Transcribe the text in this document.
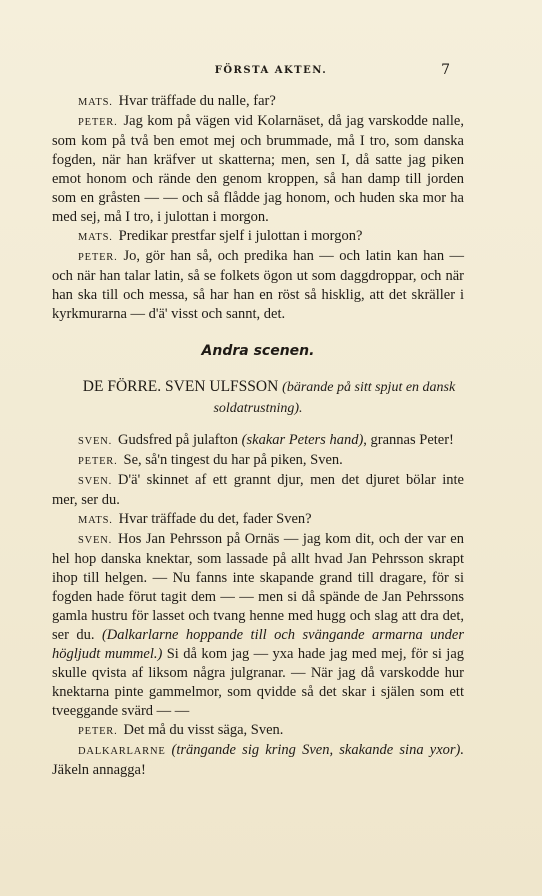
FÖRSTA AKTEN.	7

MATS. Hvar träffade du nalle, far?

PETER. Jag kom på vägen vid Kolarnäset, då jag varskodde nalle, som kom på två ben emot mej och brummade, må I tro, som danska fogden, när han kräfver ut skatterna; men, sen I, då satte jag piken emot honom och rände den genom kroppen, så han damp till jorden som en gråsten — — och så flådde jag honom, och huden ska mor ha med sej, må I tro, i julottan i morgon.

MATS. Predikar prestfar sjelf i julottan i morgon?

PETER. Jo, gör han så, och predika han — och latin kan han — och när han talar latin, så se folkets ögon ut som daggdroppar, och när han ska till och messa, så har han en röst så hisklig, att det skräller i kyrkmurarna — d'ä' visst och sannt, det.

Andra scenen.

DE FÖRRE. SVEN ULFSSON (bärande på sitt spjut en dansk soldatrustning).

SVEN. Gudsfred på julafton (skakar Peters hand), grannas Peter!

PETER. Se, så'n tingest du har på piken, Sven.

SVEN. D'ä' skinnet af ett grannt djur, men det djuret bölar inte mer, ser du.

MATS. Hvar träffade du det, fader Sven?

SVEN. Hos Jan Pehrsson på Ornäs — jag kom dit, och der var en hel hop danska knektar, som lassade på allt hvad Jan Pehrsson skrapt ihop till helgen. — Nu fanns inte skapande grand till dragare, för si fogden hade förut tagit dem — — men si då spände de Jan Pehrssons gamla hustru för lasset och tvang henne med hugg och slag att dra det, ser du. (Dalkarlarne hoppande till och svängande armarna under högljudt mummel.) Si då kom jag — yxa hade jag med mej, för si jag skulle qvista af liksom några julgranar. — När jag då varskodde hur knektarna pinte gammelmor, som qvidde så det skar i själen som ett tveeggande svärd — —

PETER. Det må du visst säga, Sven.

DALKARLARNE (trängande sig kring Sven, skakande sina yxor). Jäkeln annagga!
